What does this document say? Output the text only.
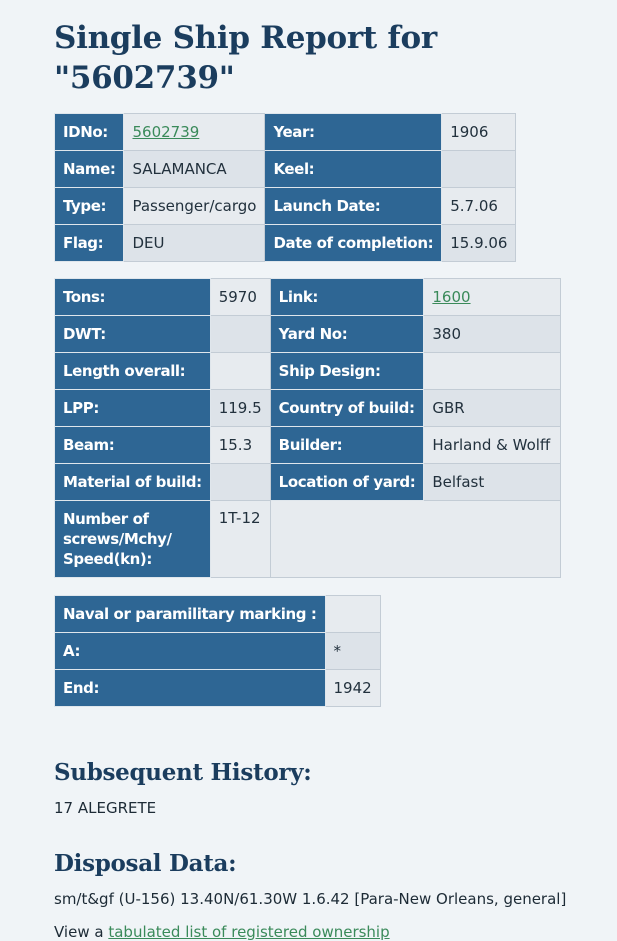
Single Ship Report for "5602739"
IDNo:	5602739	Year:	1906
Name:	SALAMANCA	Keel:	
Type:	Passenger/cargo	Launch Date:	5.7.06
Flag:	DEU	Date of completion:	15.9.06
Tons:	5970	Link:	1600
DWT:		Yard No:	380
Length overall:		Ship Design:	
LPP:	119.5	Country of build:	GBR
Beam:	15.3	Builder:	Harland & Wolff
Material of build:		Location of yard:	Belfast
Number of screws/Mchy/ Speed(kn):	1T-12		
Naval or paramilitary marking :	
A:	*
End:	1942
Subsequent History:

17 ALEGRETE

Disposal Data:

sm/t&gf (U-156) 13.40N/61.30W 1.6.42 [Para-New Orleans, general]

View a tabulated list of registered ownership
